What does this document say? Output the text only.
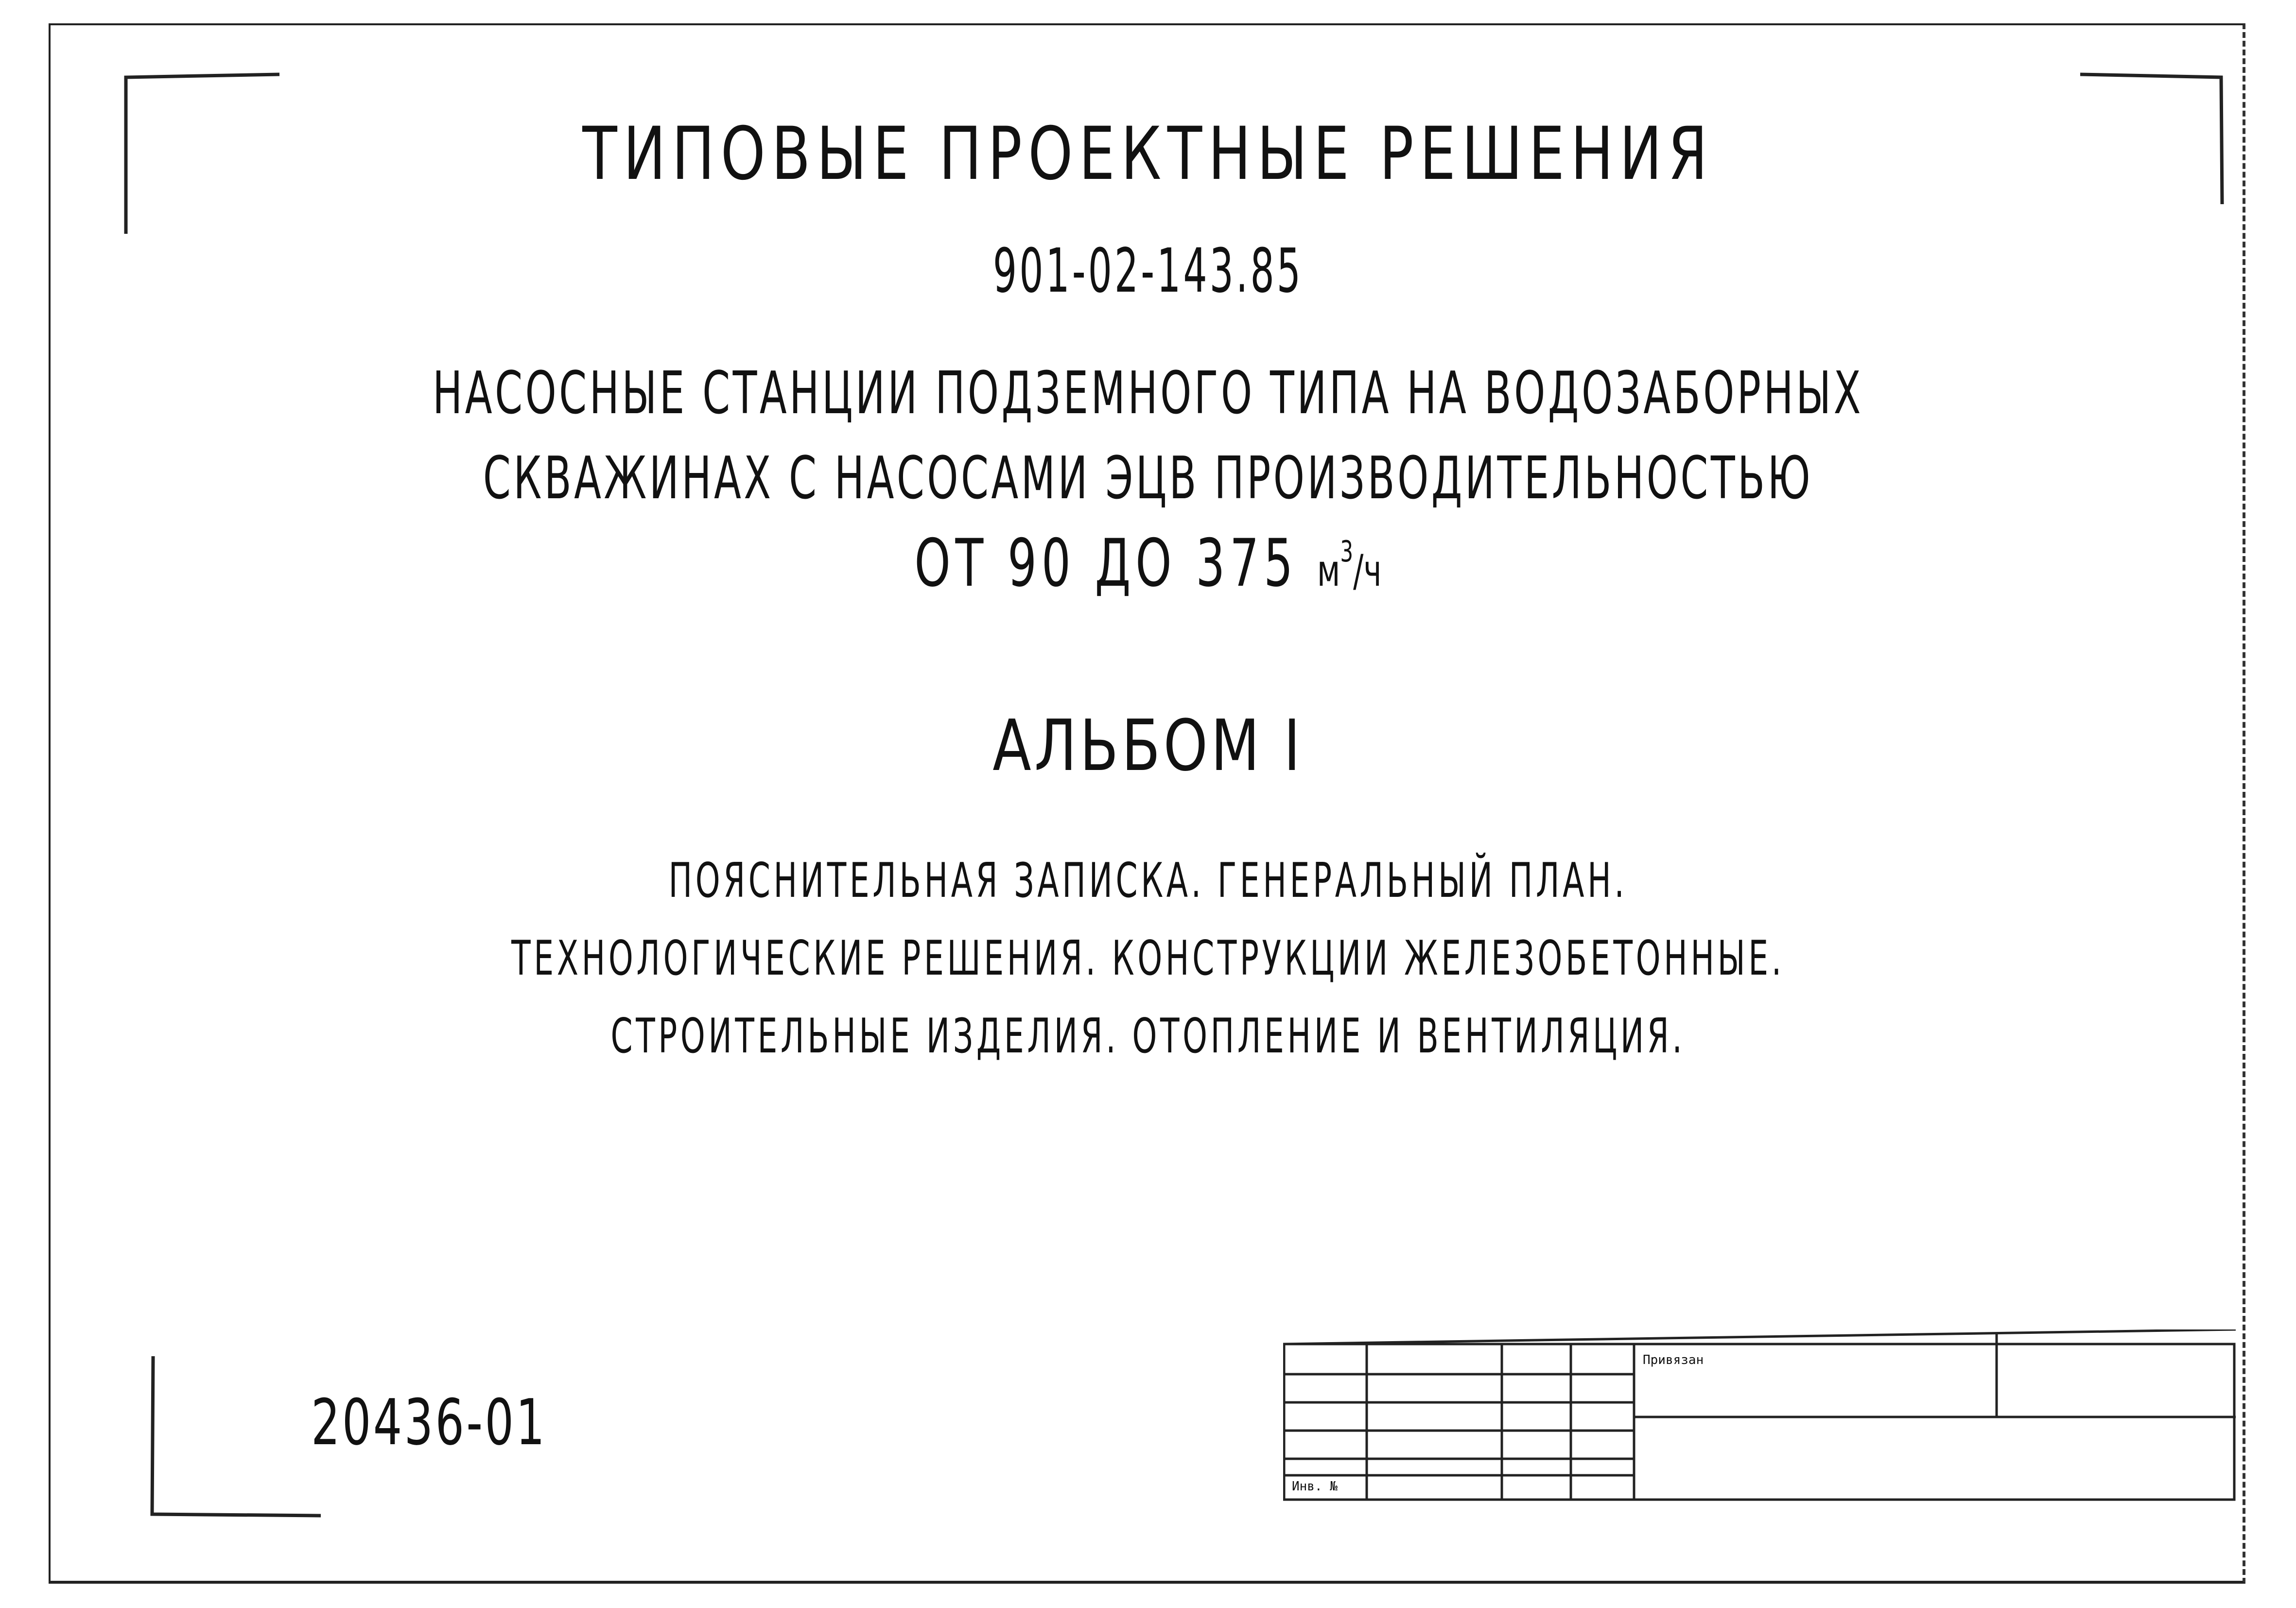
ТИПОВЫЕ ПРОЕКТНЫЕ РЕШЕНИЯ
901-02-143.85
НАСОСНЫЕ СТАНЦИИ ПОДЗЕМНОГО ТИПА НА ВОДОЗАБОРНЫХ
СКВАЖИНАХ С НАСОСАМИ ЭЦВ ПРОИЗВОДИТЕЛЬНОСТЬЮ
ОТ 90 ДО 375 $м^3/ч$
АЛЬБОМ I
ПОЯСНИТЕЛЬНАЯ ЗАПИСКА. ГЕНЕРАЛЬНЫЙ ПЛАН.
ТЕХНОЛОГИЧЕСКИЕ РЕШЕНИЯ. КОНСТРУКЦИИ ЖЕЛЕЗОБЕТОННЫЕ.
СТРОИТЕЛЬНЫЕ ИЗДЕЛИЯ. ОТОПЛЕНИЕ И ВЕНТИЛЯЦИЯ.
20436-01
Привязан
Инв. №
